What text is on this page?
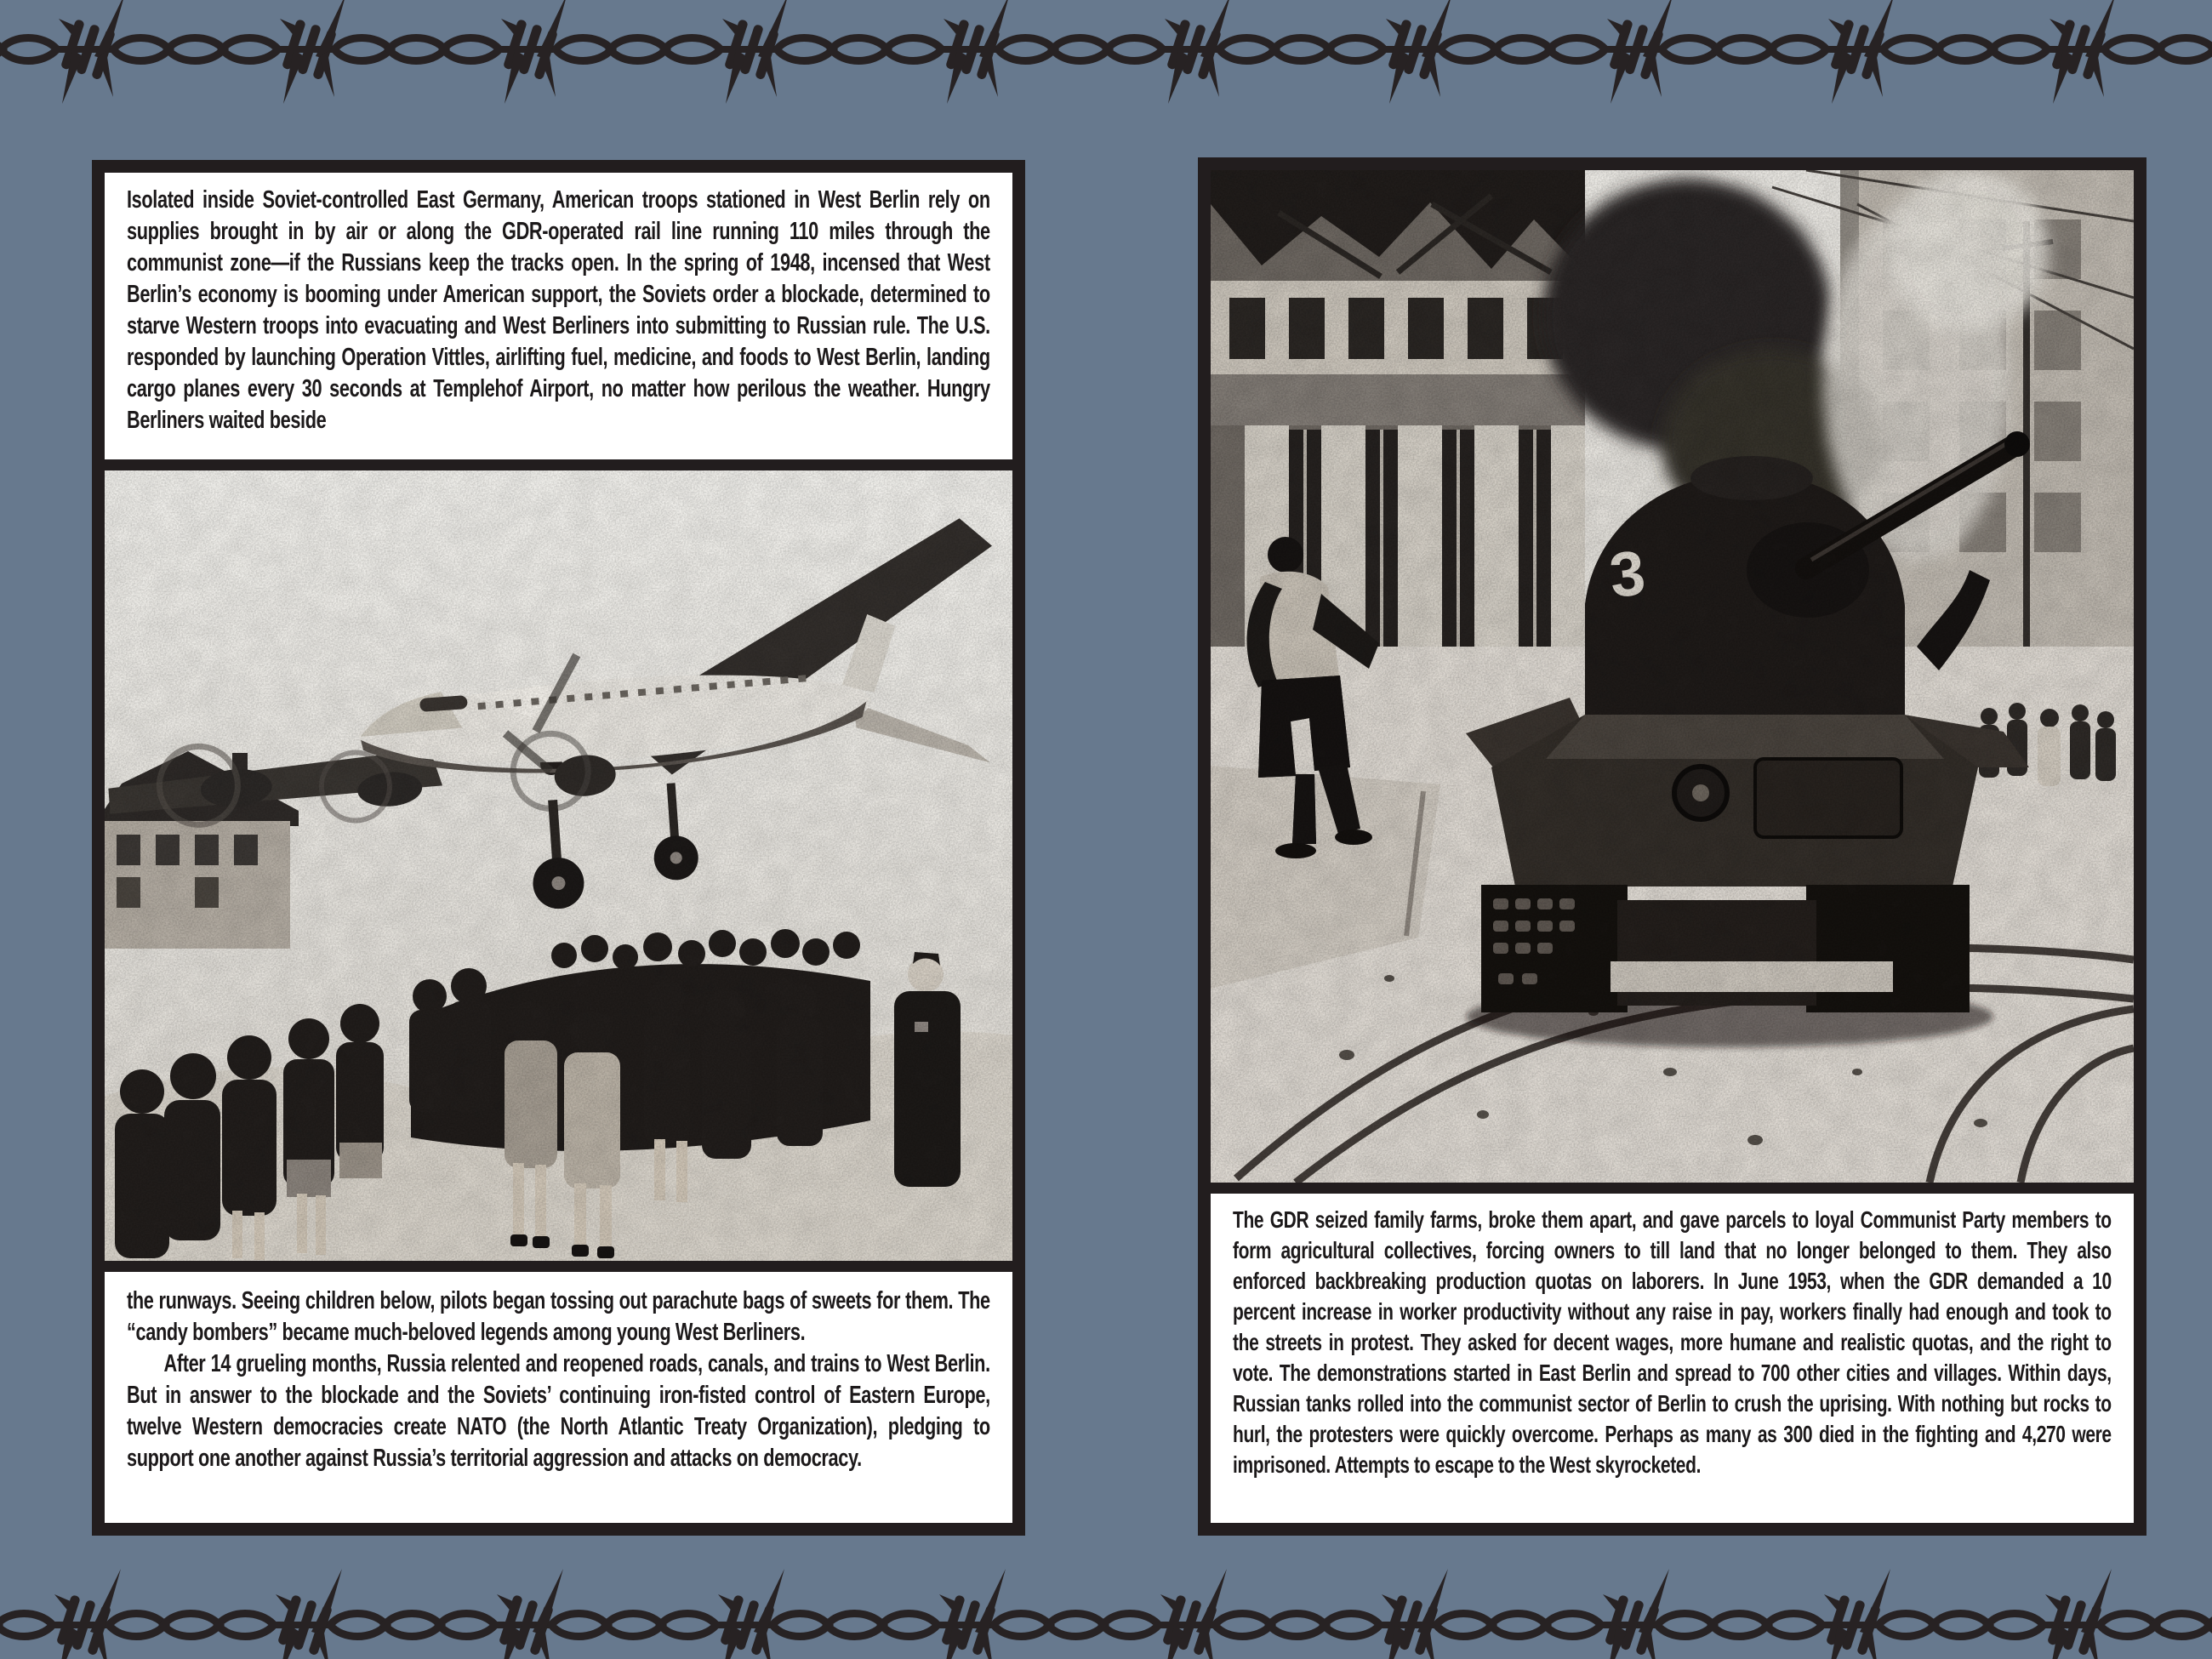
Isolated inside Soviet-controlled East Germany, American troops stationed in West Berlin rely on supplies brought in by air or along the GDR-operated rail line running 110 miles through the communist zone—if the Russians keep the tracks open. In the spring of 1948, incensed that West Berlin’s economy is booming under American support, the Soviets order a blockade, determined to starve Western troops into evacuating and West Berliners into submitting to Russian rule. The U.S. responded by launching Operation Vittles, airlifting fuel, medicine, and foods to West Berlin, landing cargo planes every 30 seconds at Templehof Airport, no matter how perilous the weather. Hungry Berliners waited beside

the runways. Seeing children below, pilots began tossing out parachute bags of sweets for them. The “candy bombers” became much-beloved legends among young West Berliners.

After 14 grueling months, Russia relented and reopened roads, canals, and trains to West Berlin. But in answer to the blockade and the Soviets’ continuing iron-fisted control of Eastern Europe, twelve Western democracies create NATO (the North Atlantic Treaty Organization), pledging to support one another against Russia’s territorial aggression and attacks on democracy.

3
The GDR seized family farms, broke them apart, and gave parcels to loyal Communist Party members to form agricultural collectives, forcing owners to till land that no longer belonged to them. They also enforced backbreaking production quotas on laborers. In June 1953, when the GDR demanded a 10 percent increase in worker productivity without any raise in pay, workers finally had enough and took to the streets in protest. They asked for decent wages, more humane and realistic quotas, and the right to vote. The demonstrations started in East Berlin and spread to 700 other cities and villages. Within days, Russian tanks rolled into the communist sector of Berlin to crush the uprising. With nothing but rocks to hurl, the protesters were quickly overcome. Perhaps as many as 300 died in the fighting and 4,270 were imprisoned. Attempts to escape to the West skyrocketed.
